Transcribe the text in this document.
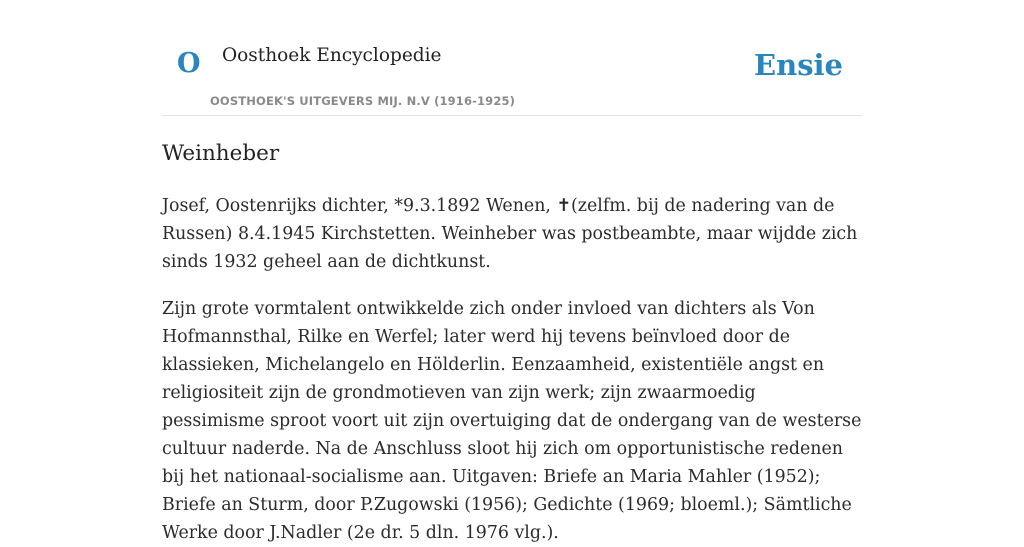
O Oosthoek Encyclopedie
OOSTHOEK'S UITGEVERS MIJ. N.V (1916-1925)
Ensie
Weinheber

Josef, Oostenrijks dichter, *9.3.1892 Wenen, ✝(zelfm. bij de nadering van de Russen) 8.4.1945 Kirchstetten. Weinheber was postbeambte, maar wijdde zich sinds 1932 geheel aan de dichtkunst.

Zijn grote vormtalent ontwikkelde zich onder invloed van dichters als Von Hofmannsthal, Rilke en Werfel; later werd hij tevens beïnvloed door de klassieken, Michelangelo en Hölderlin. Eenzaamheid, existentiële angst en religiositeit zijn de grondmotieven van zijn werk; zijn zwaarmoedig pessimisme sproot voort uit zijn overtuiging dat de ondergang van de westerse cultuur naderde. Na de Anschluss sloot hij zich om opportunistische redenen bij het nationaal-socialisme aan. Uitgaven: Briefe an Maria Mahler (1952); Briefe an Sturm, door P.Zugowski (1956); Gedichte (1969; bloeml.); Sämtliche Werke door J.Nadler (2e dr. 5 dln. 1976 vlg.).
